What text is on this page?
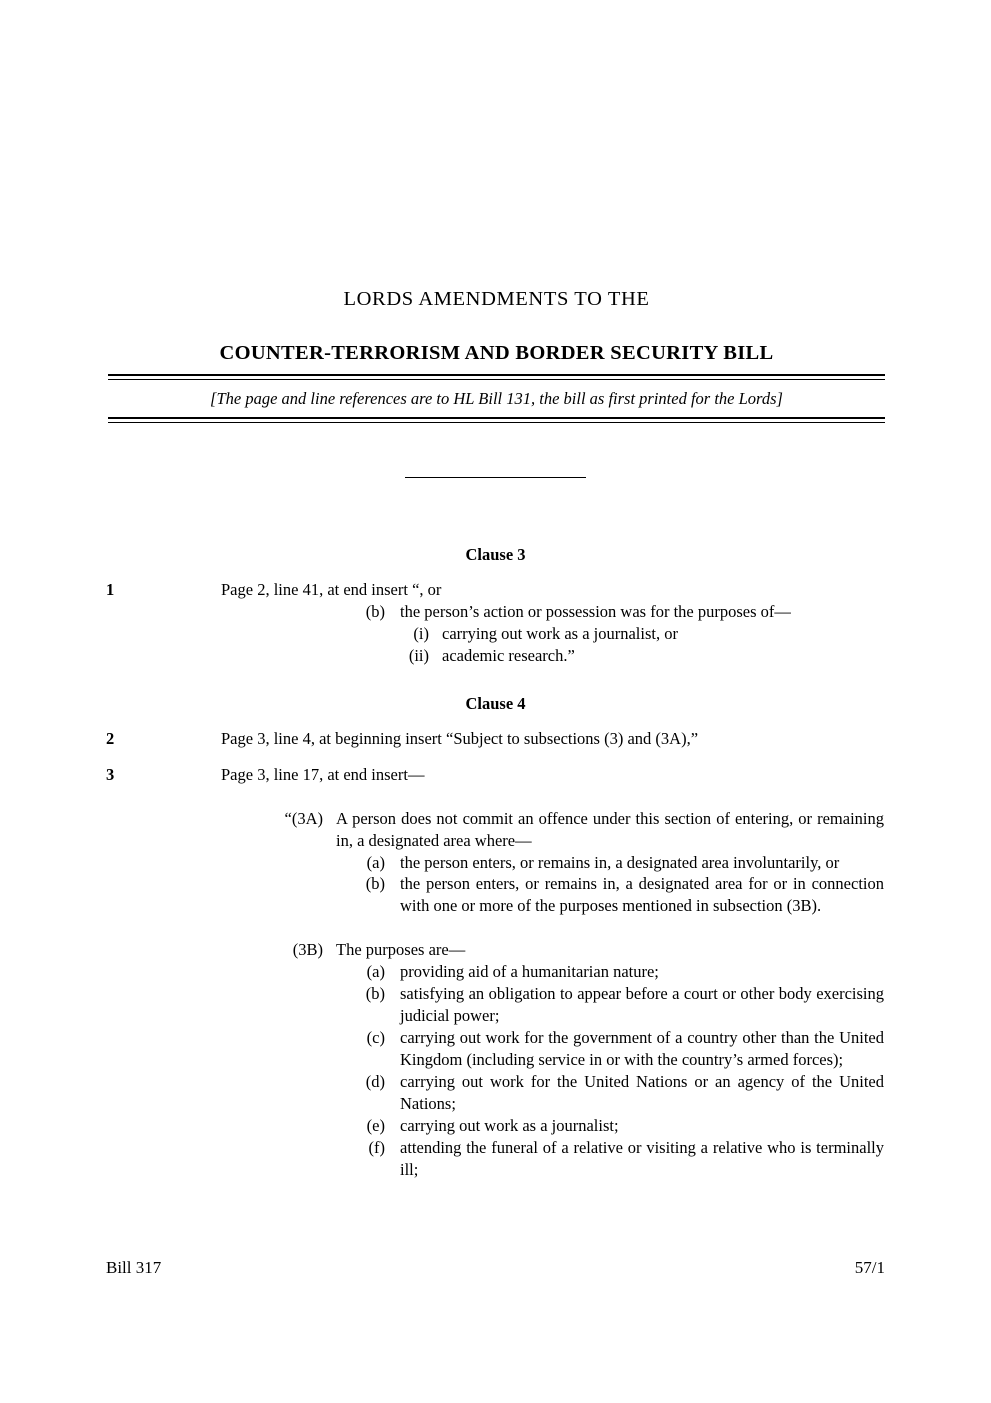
LORDS AMENDMENTS TO THE
COUNTER-TERRORISM AND BORDER SECURITY BILL
[The page and line references are to HL Bill 131, the bill as first printed for the Lords]
Clause 3
1	Page 2, line 41, at end insert “, or
(b) the person’s action or possession was for the purposes of—
(i) carrying out work as a journalist, or
(ii) academic research.”
Clause 4
2	Page 3, line 4, at beginning insert “Subject to subsections (3) and (3A),”
3	Page 3, line 17, at end insert—
“(3A) A person does not commit an offence under this section of entering, or remaining in, a designated area where—
(a) the person enters, or remains in, a designated area involuntarily, or
(b) the person enters, or remains in, a designated area for or in connection with one or more of the purposes mentioned in subsection (3B).
(3B) The purposes are—
(a) providing aid of a humanitarian nature;
(b) satisfying an obligation to appear before a court or other body exercising judicial power;
(c) carrying out work for the government of a country other than the United Kingdom (including service in or with the country’s armed forces);
(d) carrying out work for the United Nations or an agency of the United Nations;
(e) carrying out work as a journalist;
(f) attending the funeral of a relative or visiting a relative who is terminally ill;
Bill 317	57/1
